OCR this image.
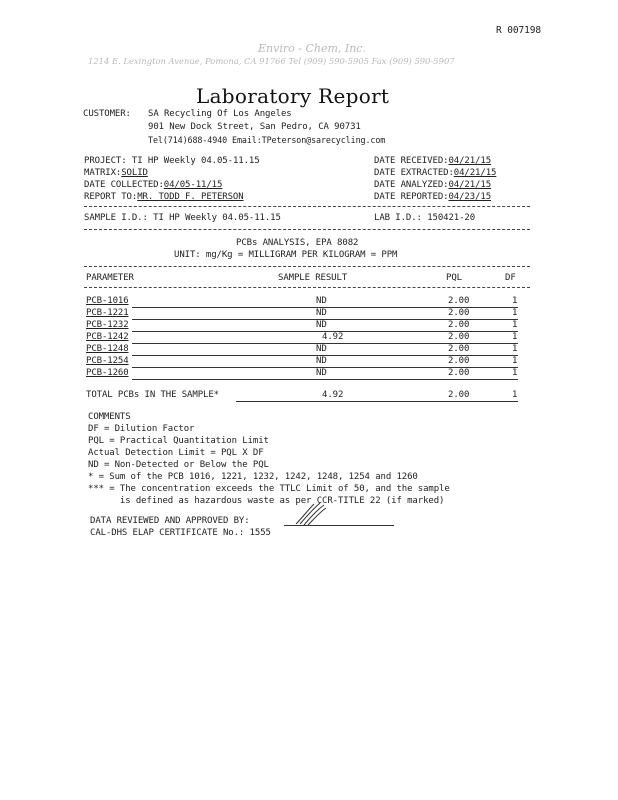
R 007198
Enviro - Chem, Inc.
1214 E. Lexington Avenue, Pomona, CA 91766 Tel (909) 590-5905 Fax (909) 590-5907
Laboratory Report
CUSTOMER: SA Recycling Of Los Angeles
901 New Dock Street, San Pedro, CA 90731
Tel(714)688-4940 Email:TPeterson@sarecycling.com
PROJECT: TI HP Weekly 04.05-11.15
MATRIX:SOLID
DATE COLLECTED:04/05-11/15
REPORT TO:MR. TODD F. PETERSON
DATE RECEIVED:04/21/15
DATE EXTRACTED:04/21/15
DATE ANALYZED:04/21/15
DATE REPORTED:04/23/15
SAMPLE I.D.: TI HP Weekly 04.05-11.15	LAB I.D.: 150421-20
PCBs ANALYSIS, EPA 8082
UNIT: mg/Kg = MILLIGRAM PER KILOGRAM = PPM
PARAMETER	SAMPLE RESULT	PQL	DF
PCB-1016	ND	2.00	1
PCB-1221	ND	2.00	1
PCB-1232	ND	2.00	1
PCB-1242	4.92	2.00	1
PCB-1248	ND	2.00	1
PCB-1254	ND	2.00	1
PCB-1260	ND	2.00	1
TOTAL PCBs IN THE SAMPLE*	4.92	2.00	1
COMMENTS
DF = Dilution Factor
PQL = Practical Quantitation Limit
Actual Detection Limit = PQL X DF
ND = Non-Detected or Below the PQL
* = Sum of the PCB 1016, 1221, 1232, 1242, 1248, 1254 and 1260
*** = The concentration exceeds the TTLC Limit of 50, and the sample
is defined as hazardous waste as per CCR-TITLE 22 (if marked)
DATA REVIEWED AND APPROVED BY:
CAL-DHS ELAP CERTIFICATE No.: 1555
